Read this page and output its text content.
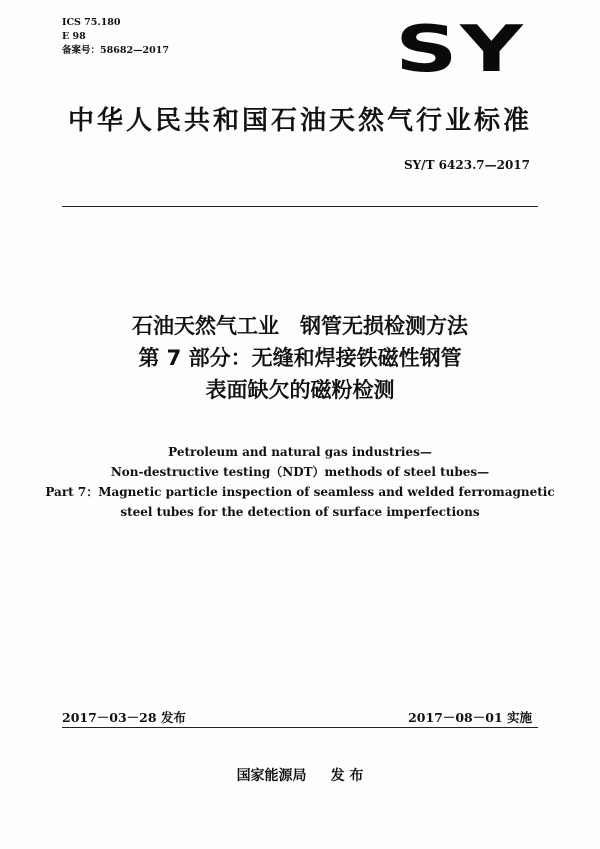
ICS 75.180
E 98
备案号：58682—2017	SY
中华人民共和国石油天然气行业标准
SY/T 6423.7—2017
石油天然气工业　钢管无损检测方法
第 7 部分：无缝和焊接铁磁性钢管
表面缺欠的磁粉检测
Petroleum and natural gas industries—
Non-destructive testing（NDT）methods of steel tubes—
Part 7：Magnetic particle inspection of seamless and welded ferromagnetic
steel tubes for the detection of surface imperfections
2017－03－28 发布	2017－08－01 实施
国家能源局 发 布
